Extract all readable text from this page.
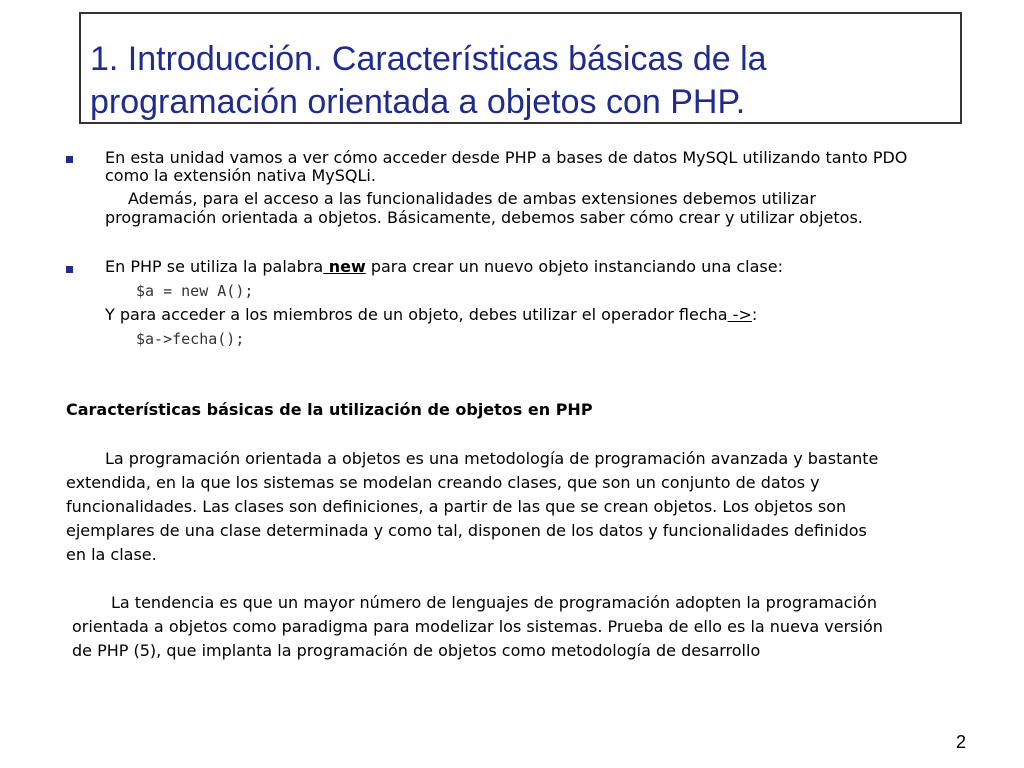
1. Introducción. Características básicas de la
programación orientada a objetos con PHP.
En esta unidad vamos a ver cómo acceder desde PHP a bases de datos MySQL utilizando tanto PDO
como la extensión nativa MySQLi.
Además, para el acceso a las funcionalidades de ambas extensiones debemos utilizar
programación orientada a objetos. Básicamente, debemos saber cómo crear y utilizar objetos.
En PHP se utiliza la palabra new para crear un nuevo objeto instanciando una clase:
$a = new A();
Y para acceder a los miembros de un objeto, debes utilizar el operador flecha ->:
$a->fecha();
Características básicas de la utilización de objetos en PHP
La programación orientada a objetos es una metodología de programación avanzada y bastante
extendida, en la que los sistemas se modelan creando clases, que son un conjunto de datos y
funcionalidades. Las clases son definiciones, a partir de las que se crean objetos. Los objetos son
ejemplares de una clase determinada y como tal, disponen de los datos y funcionalidades definidos
en la clase.
La tendencia es que un mayor número de lenguajes de programación adopten la programación
orientada a objetos como paradigma para modelizar los sistemas. Prueba de ello es la nueva versión
de PHP (5), que implanta la programación de objetos como metodología de desarrollo
2
